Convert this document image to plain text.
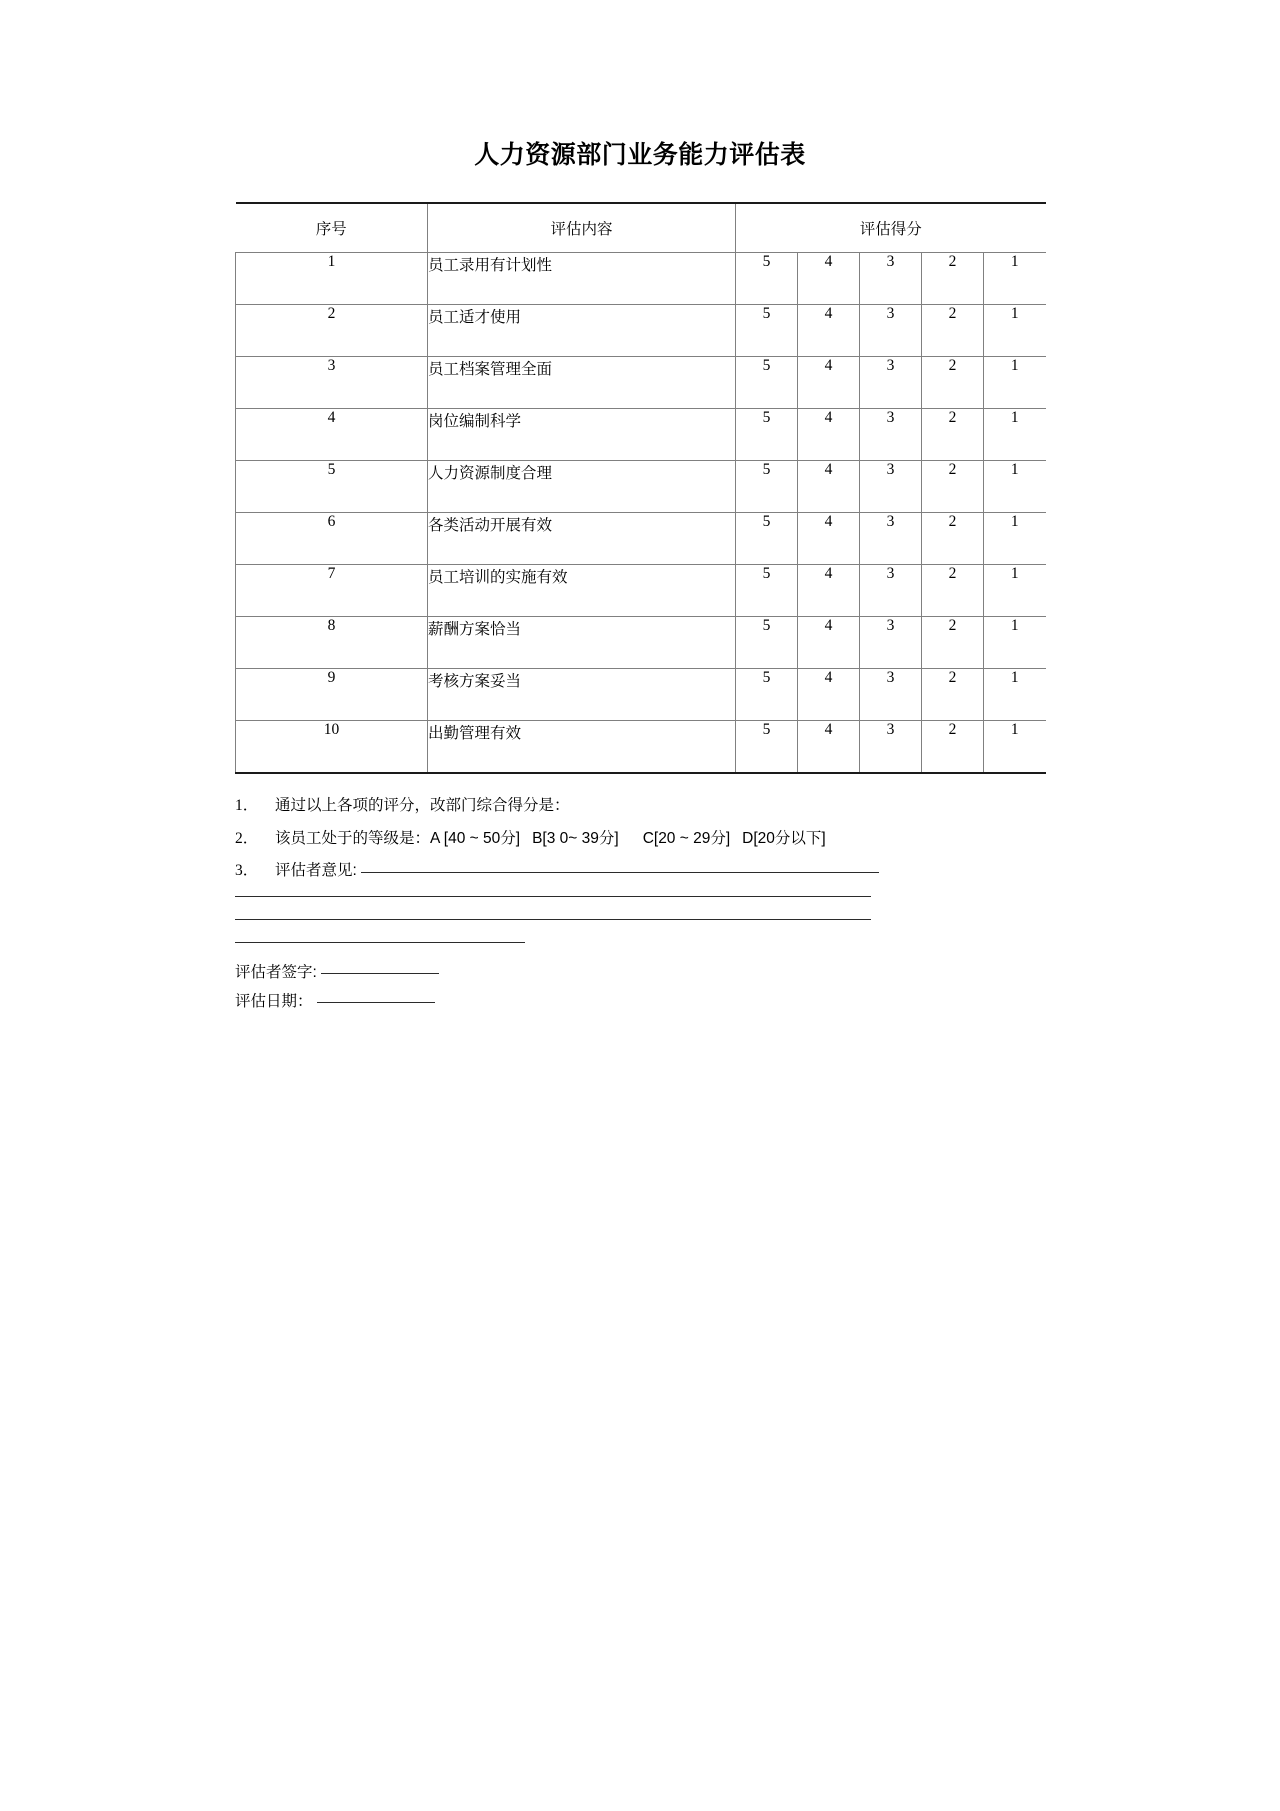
人力资源部门业务能力评估表
序号	评估内容	评估得分				
1	员工录用有计划性	5	4	3	2	1
2	员工适才使用	5	4	3	2	1
3	员工档案管理全面	5	4	3	2	1
4	岗位编制科学	5	4	3	2	1
5	人力资源制度合理	5	4	3	2	1
6	各类活动开展有效	5	4	3	2	1
7	员工培训的实施有效	5	4	3	2	1
8	薪酬方案恰当	5	4	3	2	1
9	考核方案妥当	5	4	3	2	1
10	出勤管理有效	5	4	3	2	1
1．	通过以上各项的评分，改部门综合得分是：
2．	该员工处于的等级是：A [40 ~ 50分] B[3 0~ 39分] C[20 ~ 29分] D[20分以下]
3．	评估者意见:
评估者签字:
评估日期：
